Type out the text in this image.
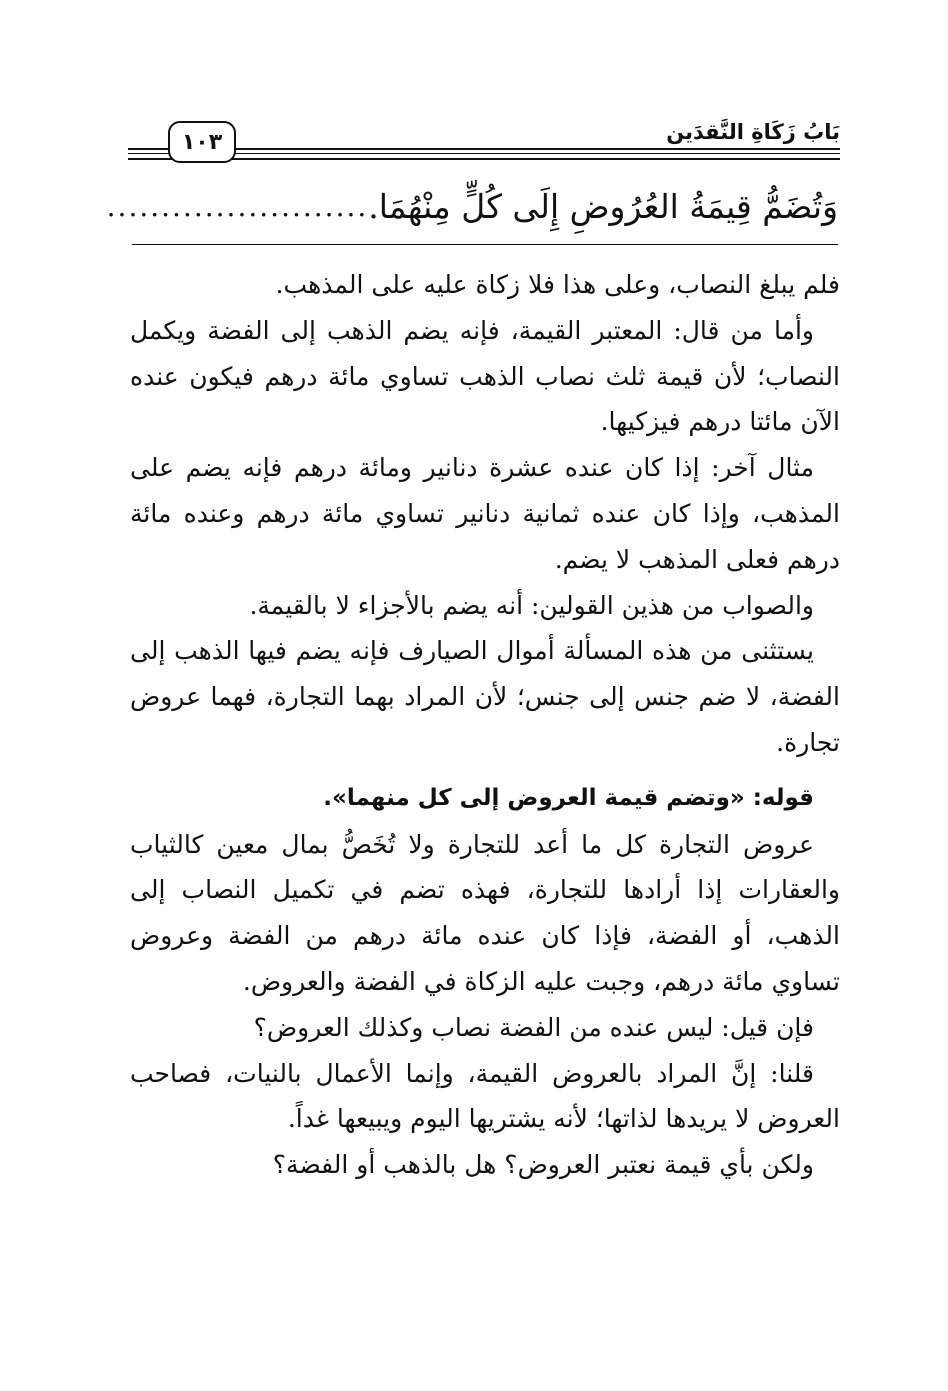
بَابُ زَكَاةِ النَّقدَين
١٠٣
وَتُضَمُّ قِيمَةُ العُرُوضِ إِلَى كُلٍّ مِنْهُمَا.
........................

فلم يبلغ النصاب، وعلى هذا فلا زكاة عليه على المذهب.

وأما من قال: المعتبر القيمة، فإنه يضم الذهب إلى الفضة ويكمل النصاب؛ لأن قيمة ثلث نصاب الذهب تساوي مائة درهم فيكون عنده الآن مائتا درهم فيزكيها.

مثال آخر: إذا كان عنده عشرة دنانير ومائة درهم فإنه يضم على المذهب، وإذا كان عنده ثمانية دنانير تساوي مائة درهم وعنده مائة درهم فعلى المذهب لا يضم.

والصواب من هذين القولين: أنه يضم بالأجزاء لا بالقيمة.

يستثنى من هذه المسألة أموال الصيارف فإنه يضم فيها الذهب إلى الفضة، لا ضم جنس إلى جنس؛ لأن المراد بهما التجارة، فهما عروض تجارة.

قوله: «وتضم قيمة العروض إلى كل منهما».

عروض التجارة كل ما أعد للتجارة ولا تُخَصُّ بمال معين كالثياب والعقارات إذا أرادها للتجارة، فهذه تضم في تكميل النصاب إلى الذهب، أو الفضة، فإذا كان عنده مائة درهم من الفضة وعروض تساوي مائة درهم، وجبت عليه الزكاة في الفضة والعروض.

فإن قيل: ليس عنده من الفضة نصاب وكذلك العروض؟

قلنا: إنَّ المراد بالعروض القيمة، وإنما الأعمال بالنيات، فصاحب العروض لا يريدها لذاتها؛ لأنه يشتريها اليوم ويبيعها غداً.

ولكن بأي قيمة نعتبر العروض؟ هل بالذهب أو الفضة؟
